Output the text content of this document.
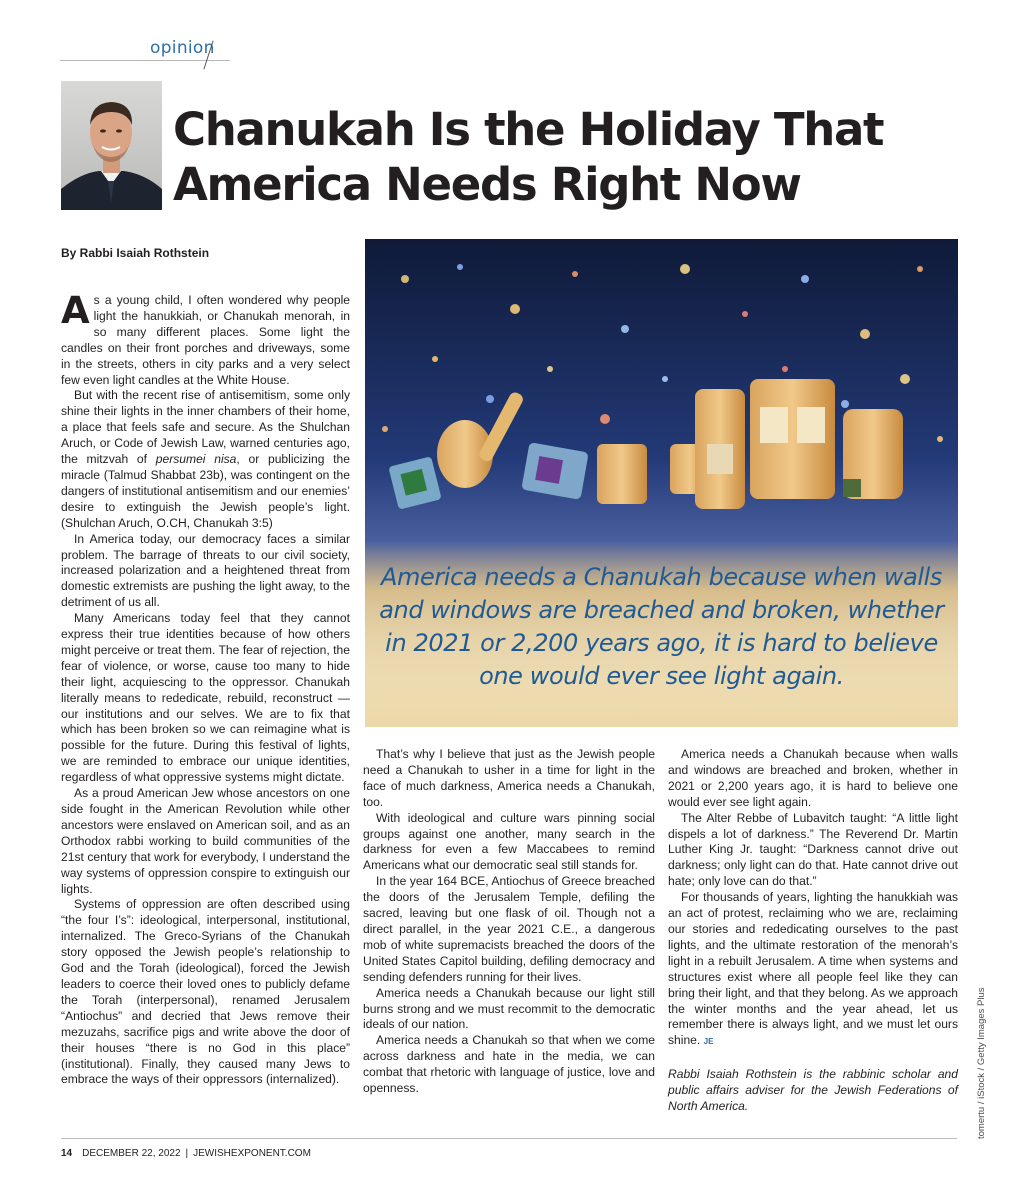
opinion
Chanukah Is the Holiday That
America Needs Right Now
By Rabbi Isaiah Rothstein

As a young child, I often wondered why people light the hanukkiah, or Chanukah menorah, in so many different places. Some light the candles on their front porches and driveways, some in the streets, others in city parks and a very select few even light candles at the White House.

But with the recent rise of antisemitism, some only shine their lights in the inner chambers of their home, a place that feels safe and secure. As the Shulchan Aruch, or Code of Jewish Law, warned centuries ago, the mitzvah of persumei nisa, or publicizing the miracle (Talmud Shabbat 23b), was contingent on the dangers of institutional antisemitism and our enemies’ desire to extinguish the Jewish people’s light. (Shulchan Aruch, O.CH, Chanukah 3:5)

In America today, our democracy faces a similar problem. The barrage of threats to our civil society, increased polarization and a heightened threat from domestic extremists are pushing the light away, to the detriment of us all.

Many Americans today feel that they cannot express their true identities because of how others might perceive or treat them. The fear of rejection, the fear of violence, or worse, cause too many to hide their light, acquiescing to the oppressor. Chanukah literally means to rededicate, rebuild, reconstruct — our institutions and our selves. We are to fix that which has been broken so we can reimagine what is possible for the future. During this festival of lights, we are reminded to embrace our unique identities, regardless of what oppressive systems might dictate.

As a proud American Jew whose ancestors on one side fought in the American Revolution while other ancestors were enslaved on American soil, and as an Orthodox rabbi working to build communities of the 21st century that work for everybody, I understand the way systems of oppression conspire to extinguish our lights.

Systems of oppression are often described using “the four I’s”: ideological, interpersonal, institutional, internalized. The Greco-Syrians of the Chanukah story opposed the Jewish people’s relationship to God and the Torah (ideological), forced the Jewish leaders to coerce their loved ones to publicly defame the Torah (interpersonal), renamed Jerusalem “Antiochus” and decried that Jews remove their mezuzahs, sacrifice pigs and write above the door of their houses “there is no God in this place” (institutional). Finally, they caused many Jews to embrace the ways of their oppressors (internalized).

America needs a Chanukah because when walls and windows are breached and broken, whether in 2021 or 2,200 years ago, it is hard to believe one would ever see light again.

That’s why I believe that just as the Jewish people need a Chanukah to usher in a time for light in the face of much darkness, America needs a Chanukah, too.

With ideological and culture wars pinning social groups against one another, many search in the darkness for even a few Maccabees to remind Americans what our democratic seal still stands for.

In the year 164 BCE, Antiochus of Greece breached the doors of the Jerusalem Temple, defiling the sacred, leaving but one flask of oil. Though not a direct parallel, in the year 2021 C.E., a dangerous mob of white supremacists breached the doors of the United States Capitol building, defiling democracy and sending defenders running for their lives.

America needs a Chanukah because our light still burns strong and we must recommit to the democratic ideals of our nation.

America needs a Chanukah so that when we come across darkness and hate in the media, we can combat that rhetoric with language of justice, love and openness.

America needs a Chanukah because when walls and windows are breached and broken, whether in 2021 or 2,200 years ago, it is hard to believe one would ever see light again.

The Alter Rebbe of Lubavitch taught: “A little light dispels a lot of darkness.” The Reverend Dr. Martin Luther King Jr. taught: “Darkness cannot drive out darkness; only light can do that. Hate cannot drive out hate; only love can do that.”

For thousands of years, lighting the hanukkiah was an act of protest, reclaiming who we are, reclaiming our stories and rededicating ourselves to the past lights, and the ultimate restoration of the menorah’s light in a rebuilt Jerusalem. A time when systems and structures exist where all people feel like they can bring their light, and that they belong. As we approach the winter months and the year ahead, let us remember there is always light, and we must let ours shine. JE

Rabbi Isaiah Rothstein is the rabbinic scholar and public affairs adviser for the Jewish Federations of North America.	tomertu / iStock / Getty Images Plus
14 DECEMBER 22, 2022 | JEWISHEXPONENT.COM
